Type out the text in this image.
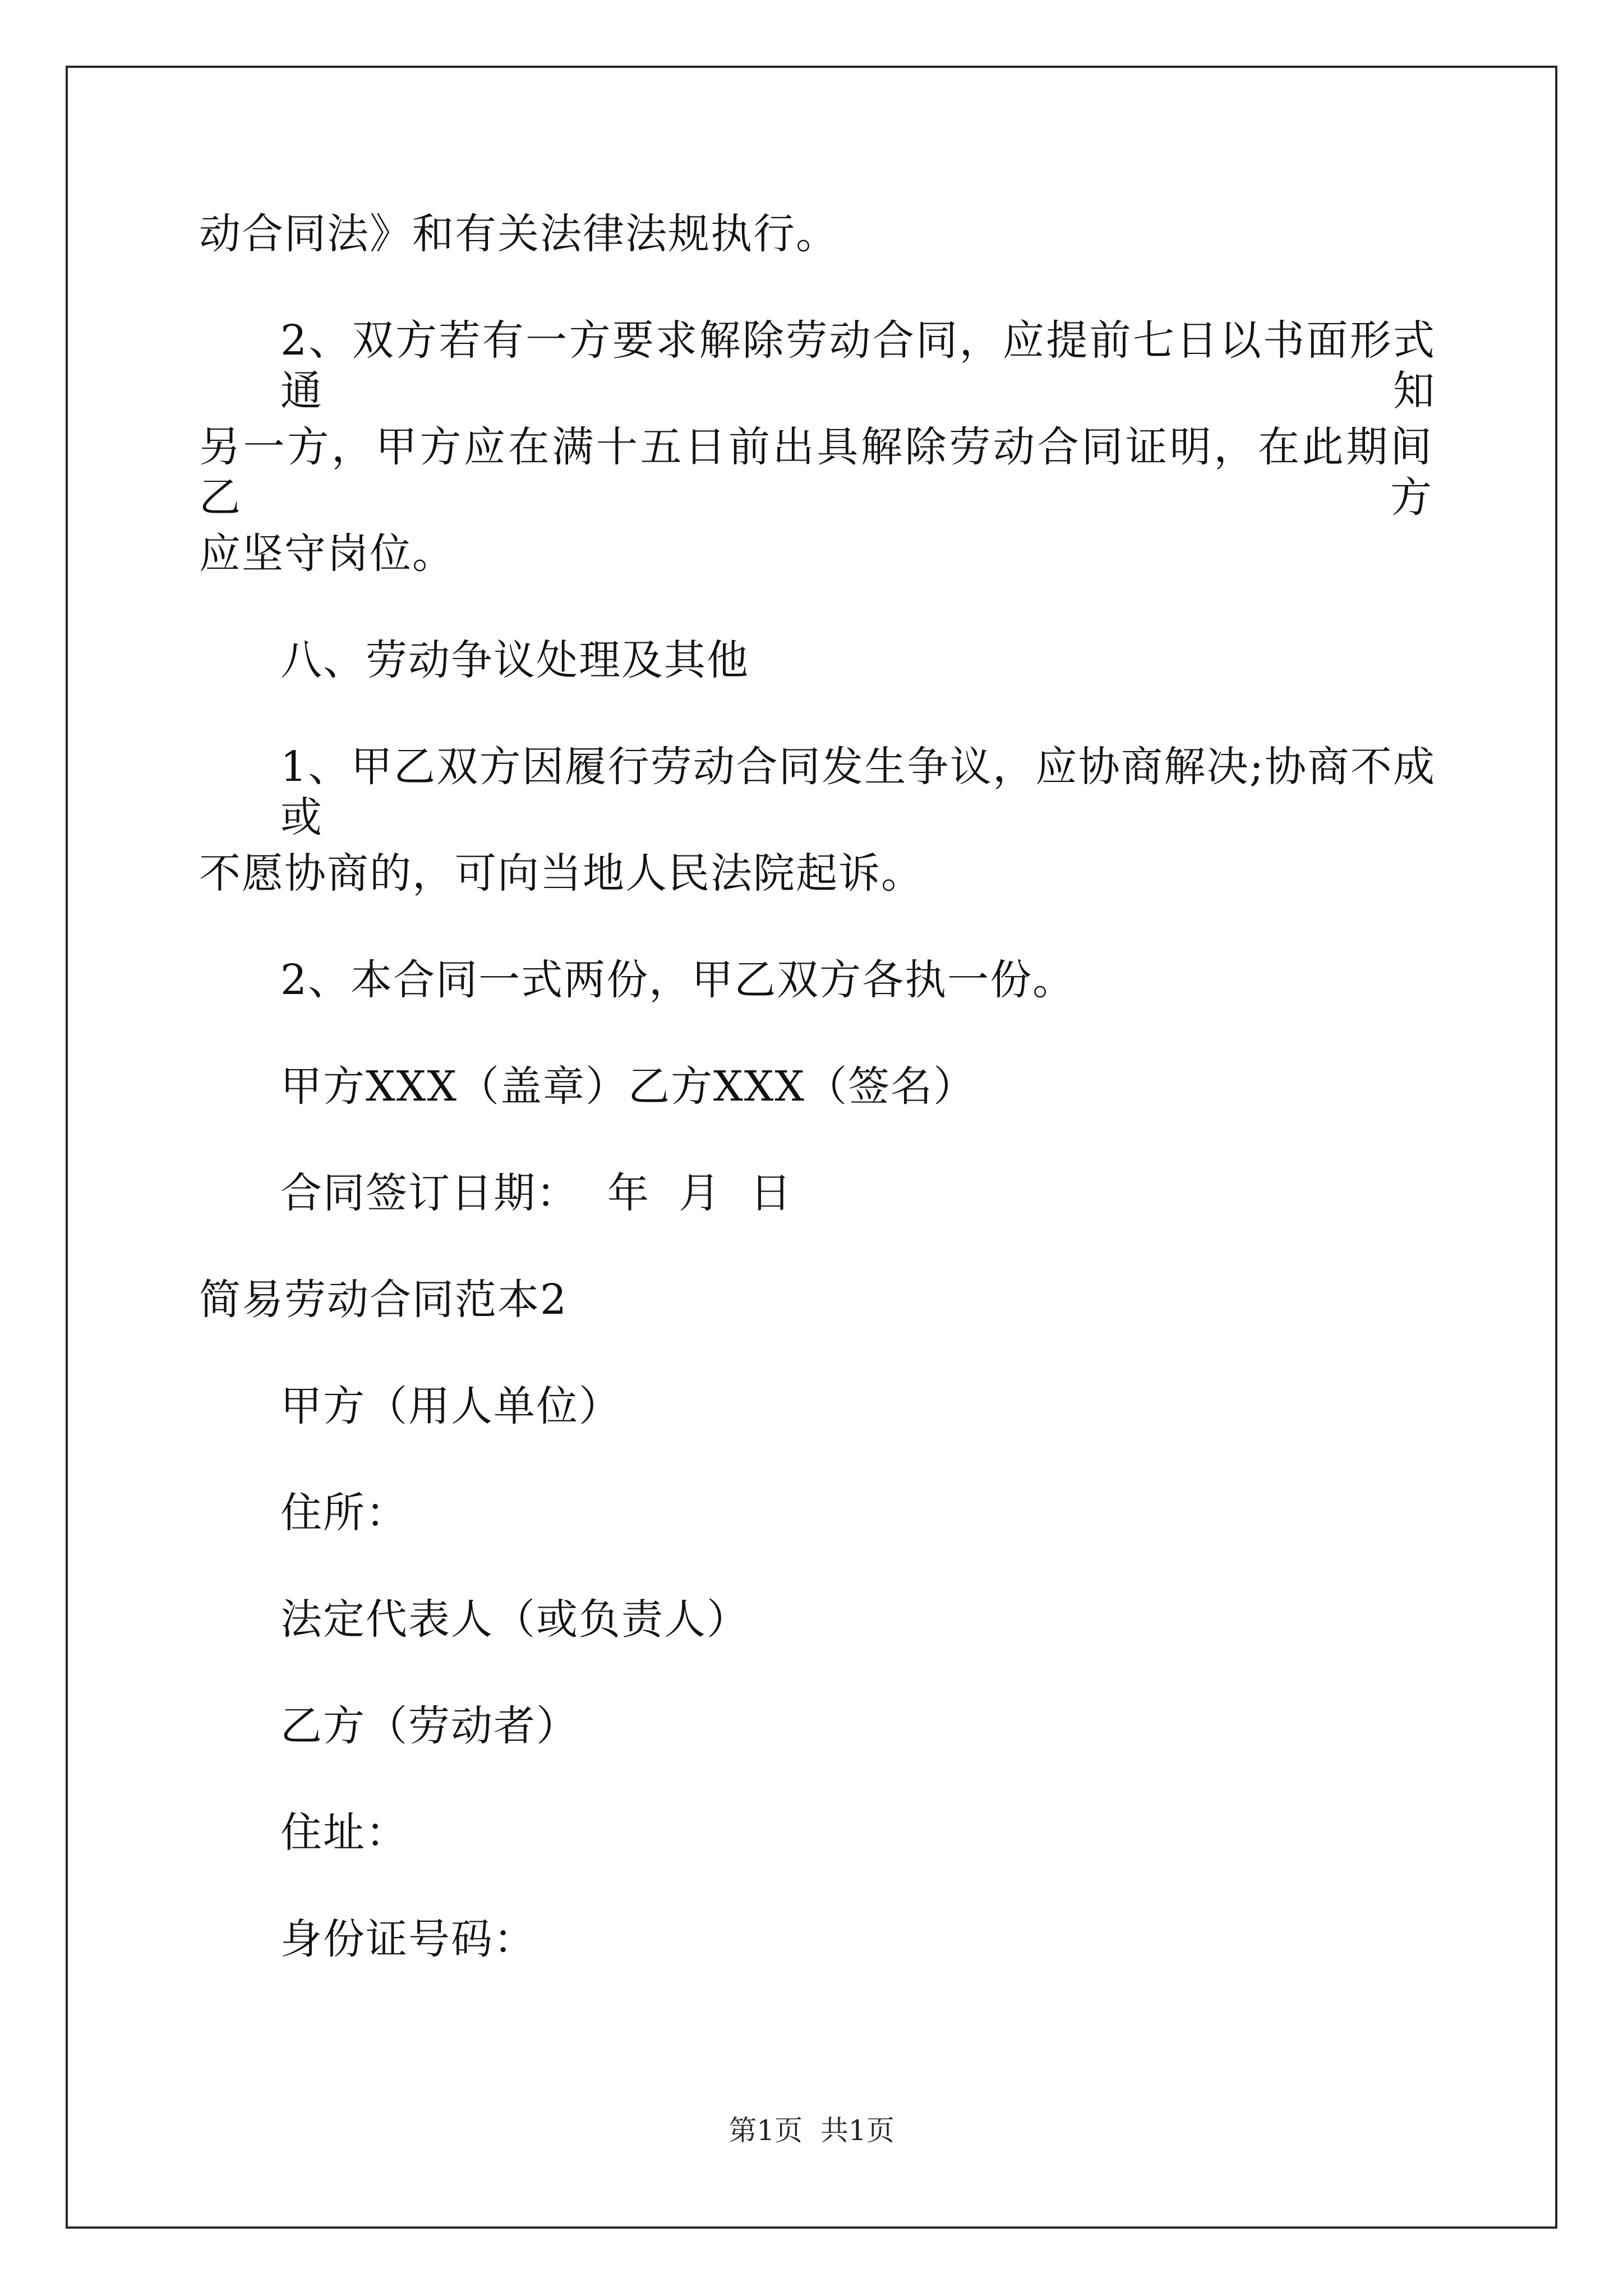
动合同法》和有关法律法规执行。
2、双方若有一方要求解除劳动合同，应提前七日以书面形式通知
另一方，甲方应在满十五日前出具解除劳动合同证明，在此期间乙方
应坚守岗位。
八、劳动争议处理及其他
1、甲乙双方因履行劳动合同发生争议，应协商解决;协商不成或
不愿协商的，可向当地人民法院起诉。
2、本合同一式两份，甲乙双方各执一份。
甲方XXX（盖章）乙方XXX（签名）
合同签订日期：  年  月  日
简易劳动合同范本2
甲方（用人单位）
住所：
法定代表人（或负责人）
乙方（劳动者）
住址：
身份证号码：
第1页  共1页
